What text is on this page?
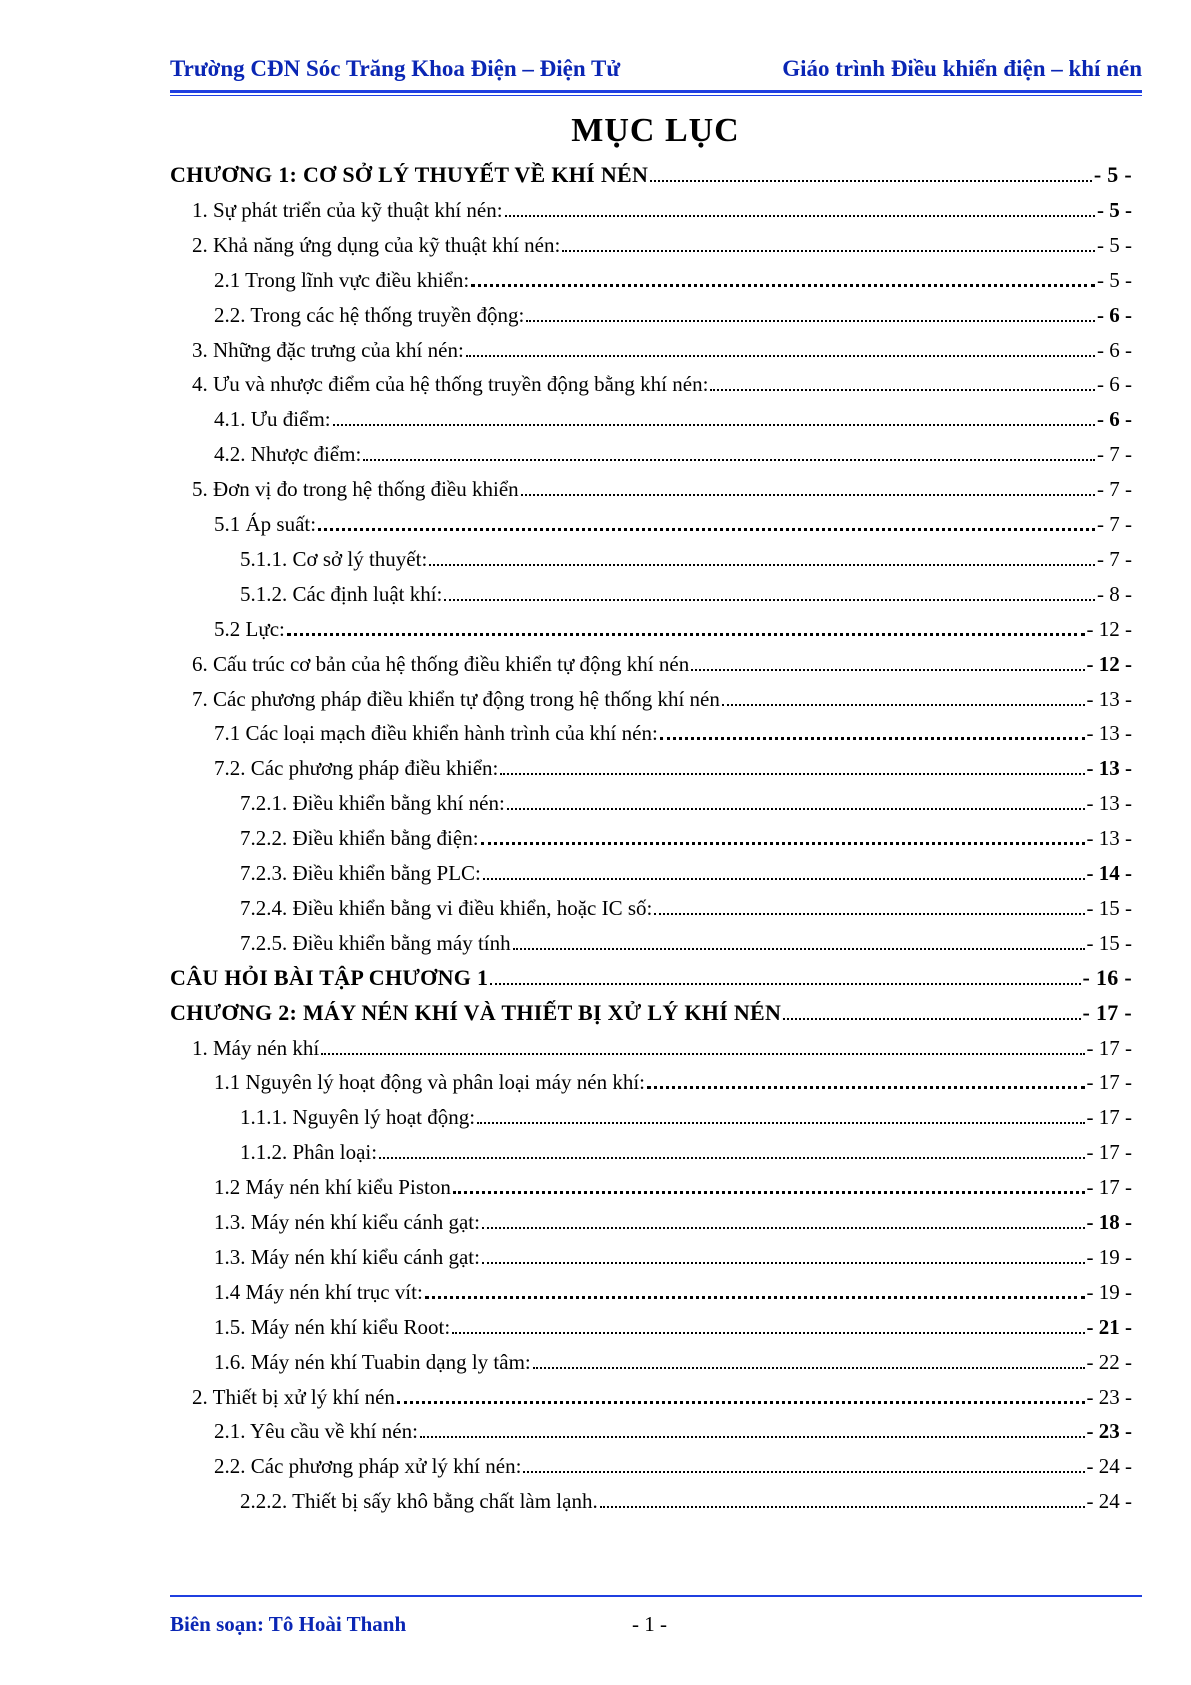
Trường CĐN Sóc Trăng Khoa Điện – Điện Tử	Giáo trình Điều khiển điện – khí nén
MỤC LỤC
CHƯƠNG 1: CƠ SỞ LÝ THUYẾT VỀ KHÍ NÉN	- 5 -
1. Sự phát triển của kỹ thuật khí nén:	- 5 -
2. Khả năng ứng dụng của kỹ thuật khí nén:	- 5 -
2.1 Trong lĩnh vực điều khiển:	- 5 -
2.2. Trong các hệ thống truyền động:	- 6 -
3. Những đặc trưng của khí nén:	- 6 -
4. Ưu và nhược điểm của hệ thống truyền động bằng khí nén:	- 6 -
4.1. Ưu điểm:	- 6 -
4.2. Nhược điểm:	- 7 -
5. Đơn vị đo trong hệ thống điều khiển	- 7 -
5.1 Áp suất:	- 7 -
5.1.1. Cơ sở lý thuyết:	- 7 -
5.1.2. Các định luật khí:	- 8 -
5.2 Lực:	- 12 -
6. Cấu trúc cơ bản của hệ thống điều khiển tự động khí nén	- 12 -
7. Các phương pháp điều khiển tự động trong hệ thống khí nén	- 13 -
7.1 Các loại mạch điều khiển hành trình của khí nén:	- 13 -
7.2. Các phương pháp điều khiển:	- 13 -
7.2.1. Điều khiển bằng khí nén:	- 13 -
7.2.2. Điều khiển bằng điện:	- 13 -
7.2.3. Điều khiển bằng PLC:	- 14 -
7.2.4. Điều khiển bằng vi điều khiển, hoặc IC số:	- 15 -
7.2.5. Điều khiển bằng máy tính	- 15 -
CÂU HỎI BÀI TẬP CHƯƠNG 1	- 16 -
CHƯƠNG 2: MÁY NÉN KHÍ VÀ THIẾT BỊ XỬ LÝ KHÍ NÉN	- 17 -
1. Máy nén khí	- 17 -
1.1 Nguyên lý hoạt động và phân loại máy nén khí:	- 17 -
1.1.1. Nguyên lý hoạt động:	- 17 -
1.1.2. Phân loại:	- 17 -
1.2 Máy nén khí kiểu Piston	- 17 -
1.3. Máy nén khí kiểu cánh gạt:	- 18 -
1.3. Máy nén khí kiểu cánh gạt:	- 19 -
1.4 Máy nén khí trục vít:	- 19 -
1.5. Máy nén khí kiểu Root:	- 21 -
1.6. Máy nén khí Tuabin dạng ly tâm:	- 22 -
2. Thiết bị xử lý khí nén	- 23 -
2.1. Yêu cầu về khí nén:	- 23 -
2.2. Các phương pháp xử lý khí nén:	- 24 -
2.2.2. Thiết bị sấy khô bằng chất làm lạnh.	- 24 -
Biên soạn: Tô Hoài Thanh	- 1 -
